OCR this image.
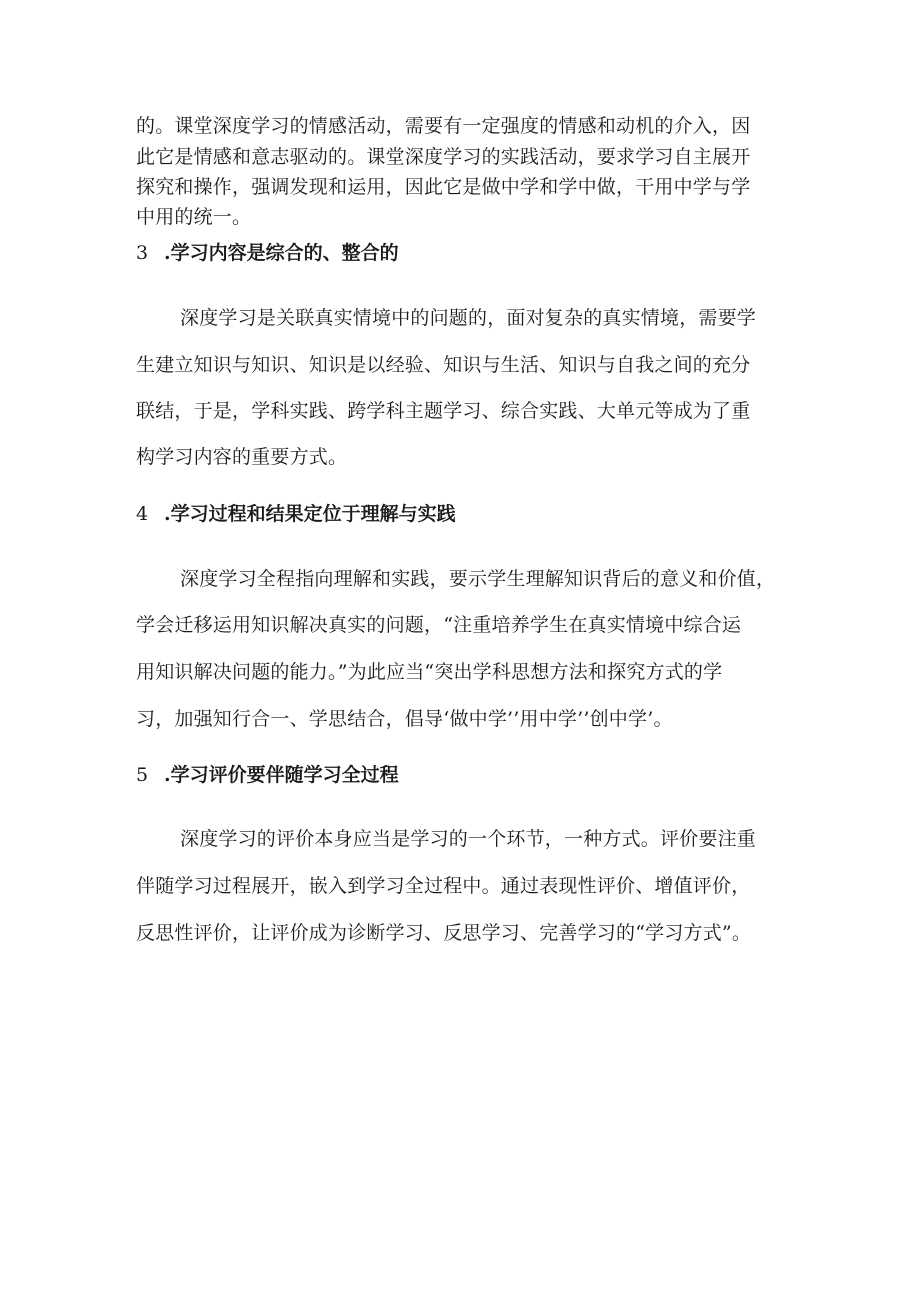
的。课堂深度学习的情感活动，需要有一定强度的情感和动机的介入，因
此它是情感和意志驱动的。课堂深度学习的实践活动，要求学习自主展开
探究和操作，强调发现和运用，因此它是做中学和学中做，干用中学与学
中用的统一。
3 .学习内容是综合的、整合的
深度学习是关联真实情境中的问题的，面对复杂的真实情境，需要学
生建立知识与知识、知识是以经验、知识与生活、知识与自我之间的充分
联结，于是，学科实践、跨学科主题学习、综合实践、大单元等成为了重
构学习内容的重要方式。
4 .学习过程和结果定位于理解与实践
深度学习全程指向理解和实践，要示学生理解知识背后的意义和价值，
学会迁移运用知识解决真实的问题，“注重培养学生在真实情境中综合运
用知识解决问题的能力。”为此应当“突出学科思想方法和探究方式的学
习，加强知行合一、学思结合，倡导‘做中学’’用中学’’创中学’。
5 .学习评价要伴随学习全过程
深度学习的评价本身应当是学习的一个环节，一种方式。评价要注重
伴随学习过程展开，嵌入到学习全过程中。通过表现性评价、增值评价，
反思性评价，让评价成为诊断学习、反思学习、完善学习的“学习方式”。
